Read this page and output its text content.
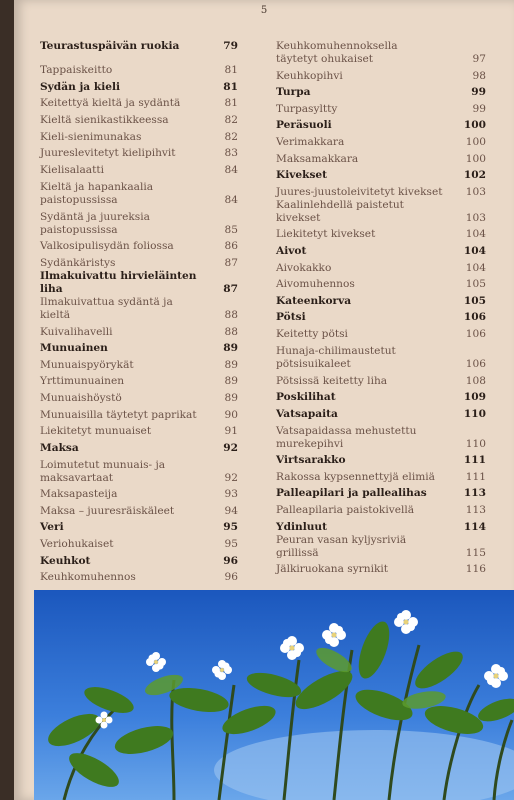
5
Teurastuspäivän ruokia	79
Tappaiskeitto	81
Sydän ja kieli	81
Keitettyä kieltä ja sydäntä	81
Kieltä sienikastikkeessa	82
Kieli-sienimunakas	82
Juureslevitetyt kielipihvit	83
Kielisalaatti	84
Kieltä ja hapankaalia
paistopussissa	84
Sydäntä ja juureksia
paistopussissa	85
Valkosipulisydän foliossa	86
Sydänkäristys	87
Ilmakuivattu hirvieläinten liha	87
Ilmakuivattua sydäntä ja kieltä	88
Kuivalihavelli	88
Munuainen	89
Munuaispyörykät	89
Yrttimunuainen	89
Munuaishöystö	89
Munuaisilla täytetyt paprikat	90
Liekitetyt munuaiset	91
Maksa	92
Loimutetut munuais- ja
maksavartaat	92
Maksapasteija	93
Maksa – juuresräiskäleet	94
Veri	95
Veriohukaiset	95
Keuhkot	96
Keuhkomuhennos	96
Keuhkomuhennoksella
täytetyt ohukaiset	97
Keuhkopihvi	98
Turpa	99
Turpasyltty	99
Peräsuoli	100
Verimakkara	100
Maksamakkara	100
Kivekset	102
Juures-juustoleivitetyt kivekset	103
Kaalinlehdellä paistetut kivekset	103
Liekitetyt kivekset	104
Aivot	104
Aivokakko	104
Aivomuhennos	105
Kateenkorva	105
Pötsi	106
Keitetty pötsi	106
Hunaja-chilimaustetut
pötsisuikaleet	106
Pötsissä keitetty liha	108
Poskilihat	109
Vatsapaita	110
Vatsapaidassa mehustettu
murekepihvi	110
Virtsarakko	111
Rakossa kypsennettyjä elimiä	111
Palleapilari ja pallealihas	113
Palleapilaria paistokivellä	113
Ydinluut	114
Peuran vasan kyljysriviä grillissä	115
Jälkiruokana syrnikit	116
